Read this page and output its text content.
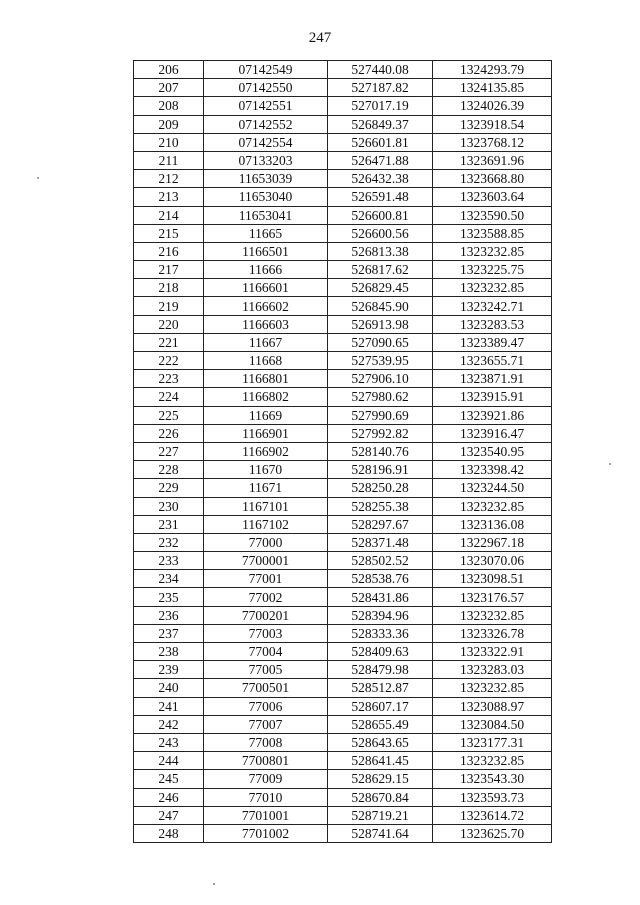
247
206	07142549	527440.08	1324293.79
207	07142550	527187.82	1324135.85
208	07142551	527017.19	1324026.39
209	07142552	526849.37	1323918.54
210	07142554	526601.81	1323768.12
211	07133203	526471.88	1323691.96
212	11653039	526432.38	1323668.80
213	11653040	526591.48	1323603.64
214	11653041	526600.81	1323590.50
215	11665	526600.56	1323588.85
216	1166501	526813.38	1323232.85
217	11666	526817.62	1323225.75
218	1166601	526829.45	1323232.85
219	1166602	526845.90	1323242.71
220	1166603	526913.98	1323283.53
221	11667	527090.65	1323389.47
222	11668	527539.95	1323655.71
223	1166801	527906.10	1323871.91
224	1166802	527980.62	1323915.91
225	11669	527990.69	1323921.86
226	1166901	527992.82	1323916.47
227	1166902	528140.76	1323540.95
228	11670	528196.91	1323398.42
229	11671	528250.28	1323244.50
230	1167101	528255.38	1323232.85
231	1167102	528297.67	1323136.08
232	77000	528371.48	1322967.18
233	7700001	528502.52	1323070.06
234	77001	528538.76	1323098.51
235	77002	528431.86	1323176.57
236	7700201	528394.96	1323232.85
237	77003	528333.36	1323326.78
238	77004	528409.63	1323322.91
239	77005	528479.98	1323283.03
240	7700501	528512.87	1323232.85
241	77006	528607.17	1323088.97
242	77007	528655.49	1323084.50
243	77008	528643.65	1323177.31
244	7700801	528641.45	1323232.85
245	77009	528629.15	1323543.30
246	77010	528670.84	1323593.73
247	7701001	528719.21	1323614.72
248	7701002	528741.64	1323625.70
